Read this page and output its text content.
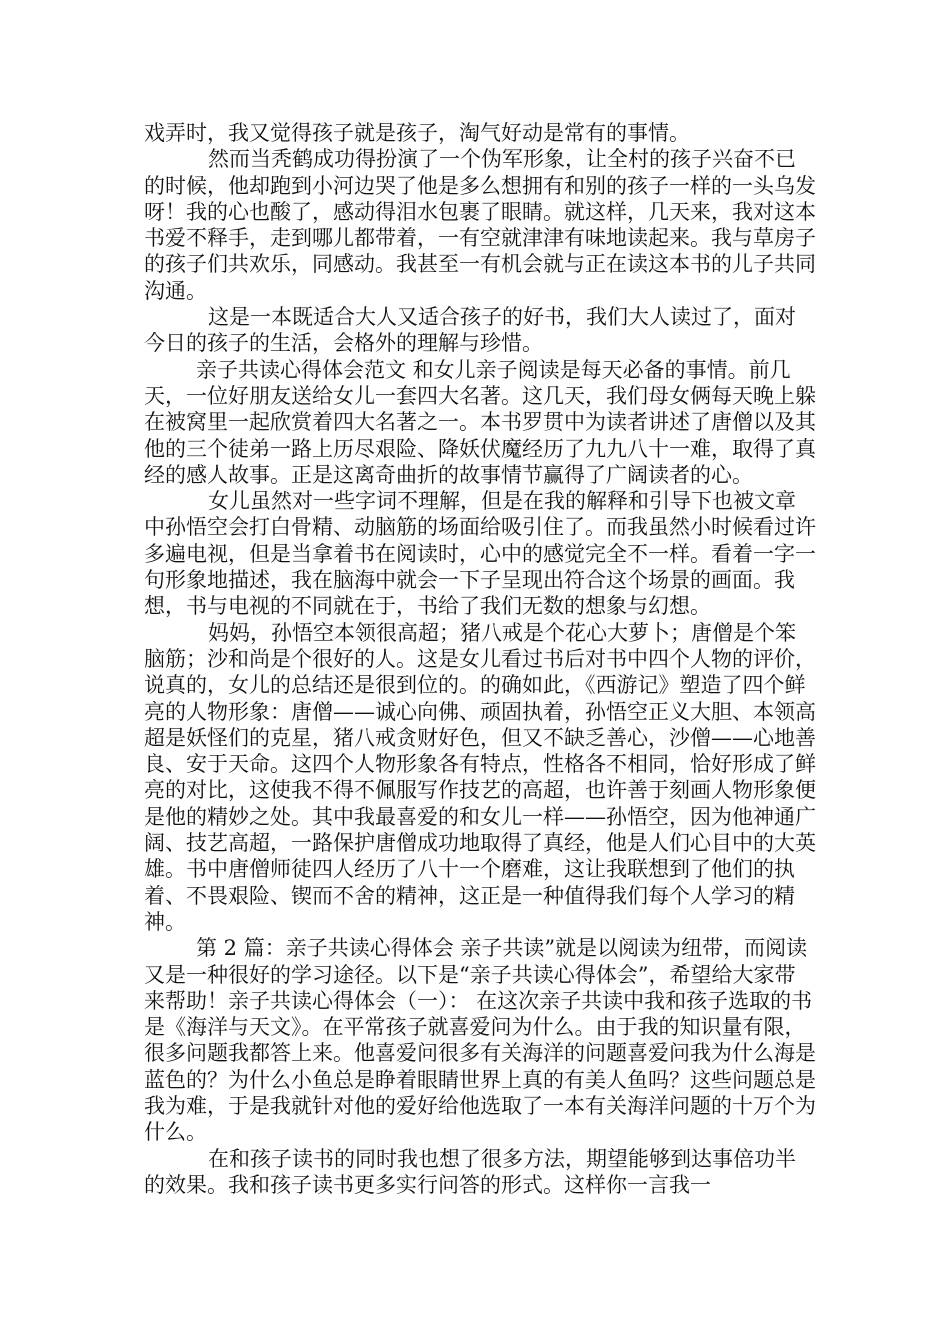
戏弄时，我又觉得孩子就是孩子，淘气好动是常有的事情。

然而当秃鹤成功得扮演了一个伪军形象，让全村的孩子兴奋不已的时候，他却跑到小河边哭了他是多么想拥有和别的孩子一样的一头乌发呀！我的心也酸了，感动得泪水包裹了眼睛。就这样，几天来，我对这本书爱不释手，走到哪儿都带着，一有空就津津有味地读起来。我与草房子的孩子们共欢乐，同感动。我甚至一有机会就与正在读这本书的儿子共同沟通。

这是一本既适合大人又适合孩子的好书，我们大人读过了，面对今日的孩子的生活，会格外的理解与珍惜。

亲子共读心得体会范文 和女儿亲子阅读是每天必备的事情。前几天，一位好朋友送给女儿一套四大名著。这几天，我们母女俩每天晚上躲在被窝里一起欣赏着四大名著之一。本书罗贯中为读者讲述了唐僧以及其他的三个徒弟一路上历尽艰险、降妖伏魔经历了九九八十一难，取得了真经的感人故事。正是这离奇曲折的故事情节赢得了广阔读者的心。

女儿虽然对一些字词不理解，但是在我的解释和引导下也被文章中孙悟空会打白骨精、动脑筋的场面给吸引住了。而我虽然小时候看过许多遍电视，但是当拿着书在阅读时，心中的感觉完全不一样。看着一字一句形象地描述，我在脑海中就会一下子呈现出符合这个场景的画面。我想，书与电视的不同就在于，书给了我们无数的想象与幻想。

妈妈，孙悟空本领很高超；猪八戒是个花心大萝卜；唐僧是个笨脑筋；沙和尚是个很好的人。这是女儿看过书后对书中四个人物的评价，说真的，女儿的总结还是很到位的。的确如此，《西游记》塑造了四个鲜亮的人物形象：唐僧——诚心向佛、顽固执着，孙悟空正义大胆、本领高超是妖怪们的克星，猪八戒贪财好色，但又不缺乏善心，沙僧——心地善良、安于天命。这四个人物形象各有特点，性格各不相同，恰好形成了鲜亮的对比，这使我不得不佩服写作技艺的高超，也许善于刻画人物形象便是他的精妙之处。其中我最喜爱的和女儿一样——孙悟空，因为他神通广阔、技艺高超，一路保护唐僧成功地取得了真经，他是人们心目中的大英雄。书中唐僧师徒四人经历了八十一个磨难，这让我联想到了他们的执着、不畏艰险、锲而不舍的精神，这正是一种值得我们每个人学习的精神。

第 2 篇：亲子共读心得体会 亲子共读”就是以阅读为纽带，而阅读又是一种很好的学习途径。以下是“亲子共读心得体会”，希望给大家带来帮助！亲子共读心得体会（一）： 在这次亲子共读中我和孩子选取的书是《海洋与天文》。在平常孩子就喜爱问为什么。由于我的知识量有限，很多问题我都答上来。他喜爱问很多有关海洋的问题喜爱问我为什么海是蓝色的？为什么小鱼总是睁着眼睛世界上真的有美人鱼吗？这些问题总是我为难，于是我就针对他的爱好给他选取了一本有关海洋问题的十万个为什么。

在和孩子读书的同时我也想了很多方法，期望能够到达事倍功半的效果。我和孩子读书更多实行问答的形式。这样你一言我一
